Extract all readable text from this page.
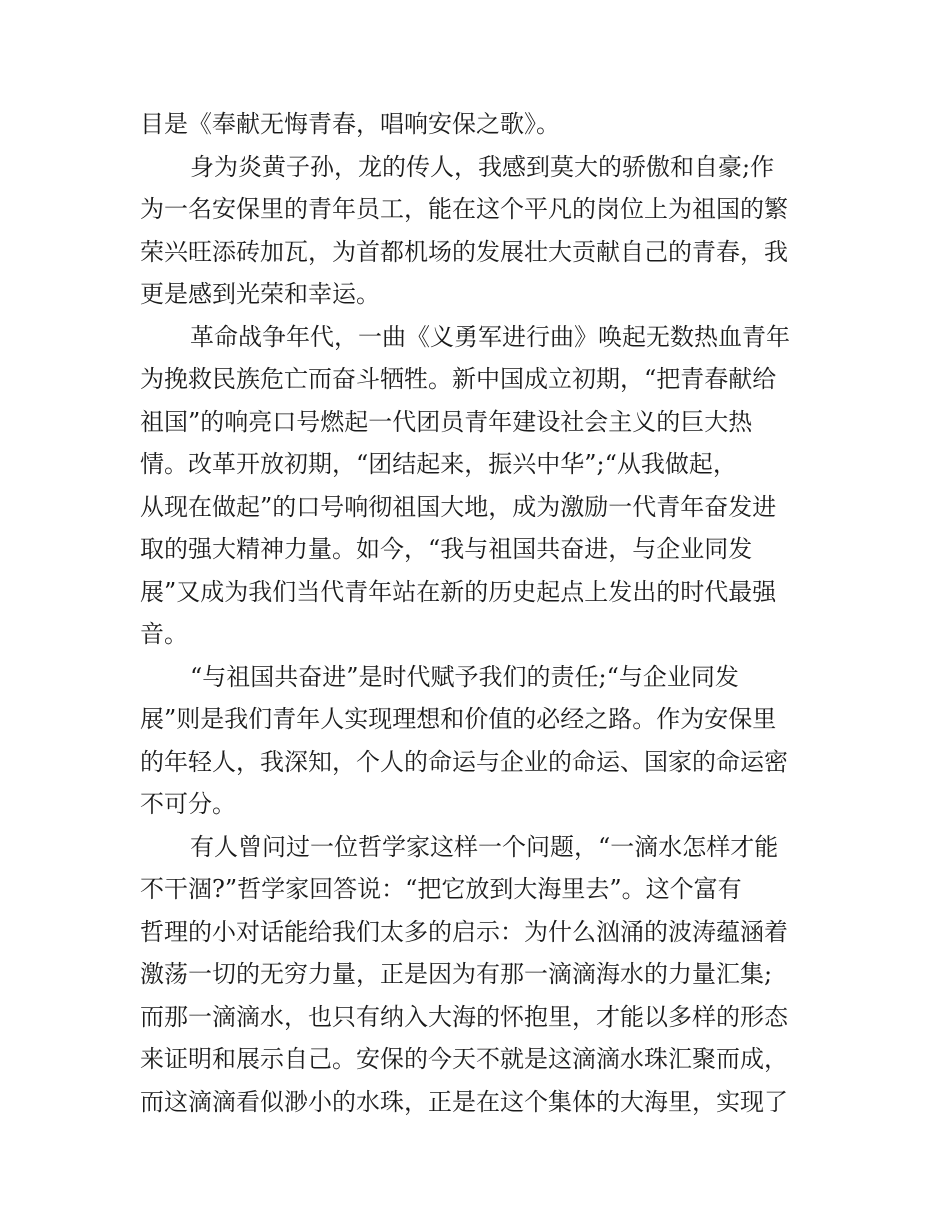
目是《奉献无悔青春，唱响安保之歌》。
身为炎黄子孙，龙的传人，我感到莫大的骄傲和自豪;作
为一名安保里的青年员工，能在这个平凡的岗位上为祖国的繁
荣兴旺添砖加瓦，为首都机场的发展壮大贡献自己的青春，我
更是感到光荣和幸运。
革命战争年代，一曲《义勇军进行曲》唤起无数热血青年
为挽救民族危亡而奋斗牺牲。新中国成立初期，“把青春献给
祖国”的响亮口号燃起一代团员青年建设社会主义的巨大热
情。改革开放初期，“团结起来，振兴中华”;“从我做起，
从现在做起”的口号响彻祖国大地，成为激励一代青年奋发进
取的强大精神力量。如今，“我与祖国共奋进，与企业同发
展”又成为我们当代青年站在新的历史起点上发出的时代最强
音。
“与祖国共奋进”是时代赋予我们的责任;“与企业同发
展”则是我们青年人实现理想和价值的必经之路。作为安保里
的年轻人，我深知，个人的命运与企业的命运、国家的命运密
不可分。
有人曾问过一位哲学家这样一个问题，“一滴水怎样才能
不干涸?”哲学家回答说：“把它放到大海里去”。这个富有
哲理的小对话能给我们太多的启示：为什么汹涌的波涛蕴涵着
激荡一切的无穷力量，正是因为有那一滴滴海水的力量汇集;
而那一滴滴水，也只有纳入大海的怀抱里，才能以多样的形态
来证明和展示自己。安保的今天不就是这滴滴水珠汇聚而成，
而这滴滴看似渺小的水珠，正是在这个集体的大海里，实现了
